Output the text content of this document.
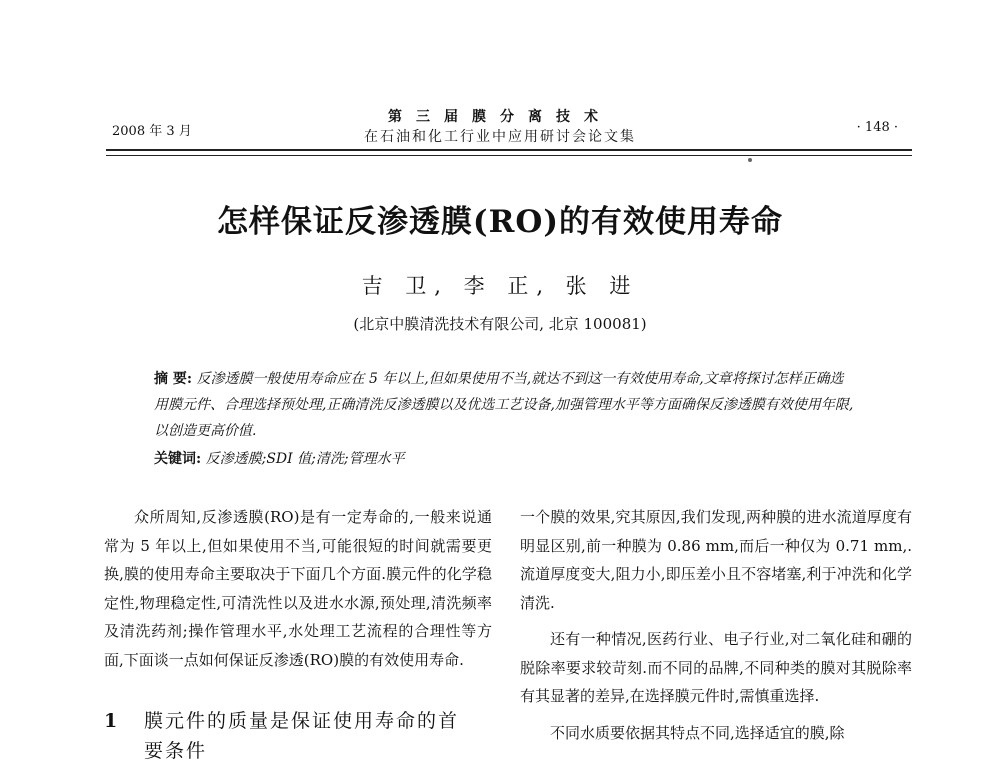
2008 年 3 月
第三届膜分离技术
在石油和化工行业中应用研讨会论文集
· 148 ·
怎样保证反渗透膜(RO)的有效使用寿命
吉 卫, 李 正, 张 进
(北京中膜清洗技术有限公司, 北京 100081)
摘 要: 反渗透膜一般使用寿命应在 5 年以上,但如果使用不当,就达不到这一有效使用寿命,文章将探讨怎样正确选用膜元件、合理选择预处理,正确清洗反渗透膜以及优选工艺设备,加强管理水平等方面确保反渗透膜有效使用年限,以创造更高价值.
关键词: 反渗透膜;SDI 值;清洗;管理水平

众所周知,反渗透膜(RO)是有一定寿命的,一般来说通常为 5 年以上,但如果使用不当,可能很短的时间就需要更换,膜的使用寿命主要取决于下面几个方面.膜元件的化学稳定性,物理稳定性,可清洗性以及进水水源,预处理,清洗频率及清洗药剂;操作管理水平,水处理工艺流程的合理性等方面,下面谈一点如何保证反渗透(RO)膜的有效使用寿命.

1 膜元件的质量是保证使用寿命的首
要条件

一个膜的效果,究其原因,我们发现,两种膜的进水流道厚度有明显区别,前一种膜为 0.86 mm,而后一种仅为 0.71 mm,.流道厚度变大,阻力小,即压差小且不容堵塞,利于冲洗和化学清洗.

还有一种情况,医药行业、电子行业,对二氧化硅和硼的脱除率要求较苛刻.而不同的品牌,不同种类的膜对其脱除率有其显著的差异,在选择膜元件时,需慎重选择.

不同水质要依据其特点不同,选择适宜的膜,除
